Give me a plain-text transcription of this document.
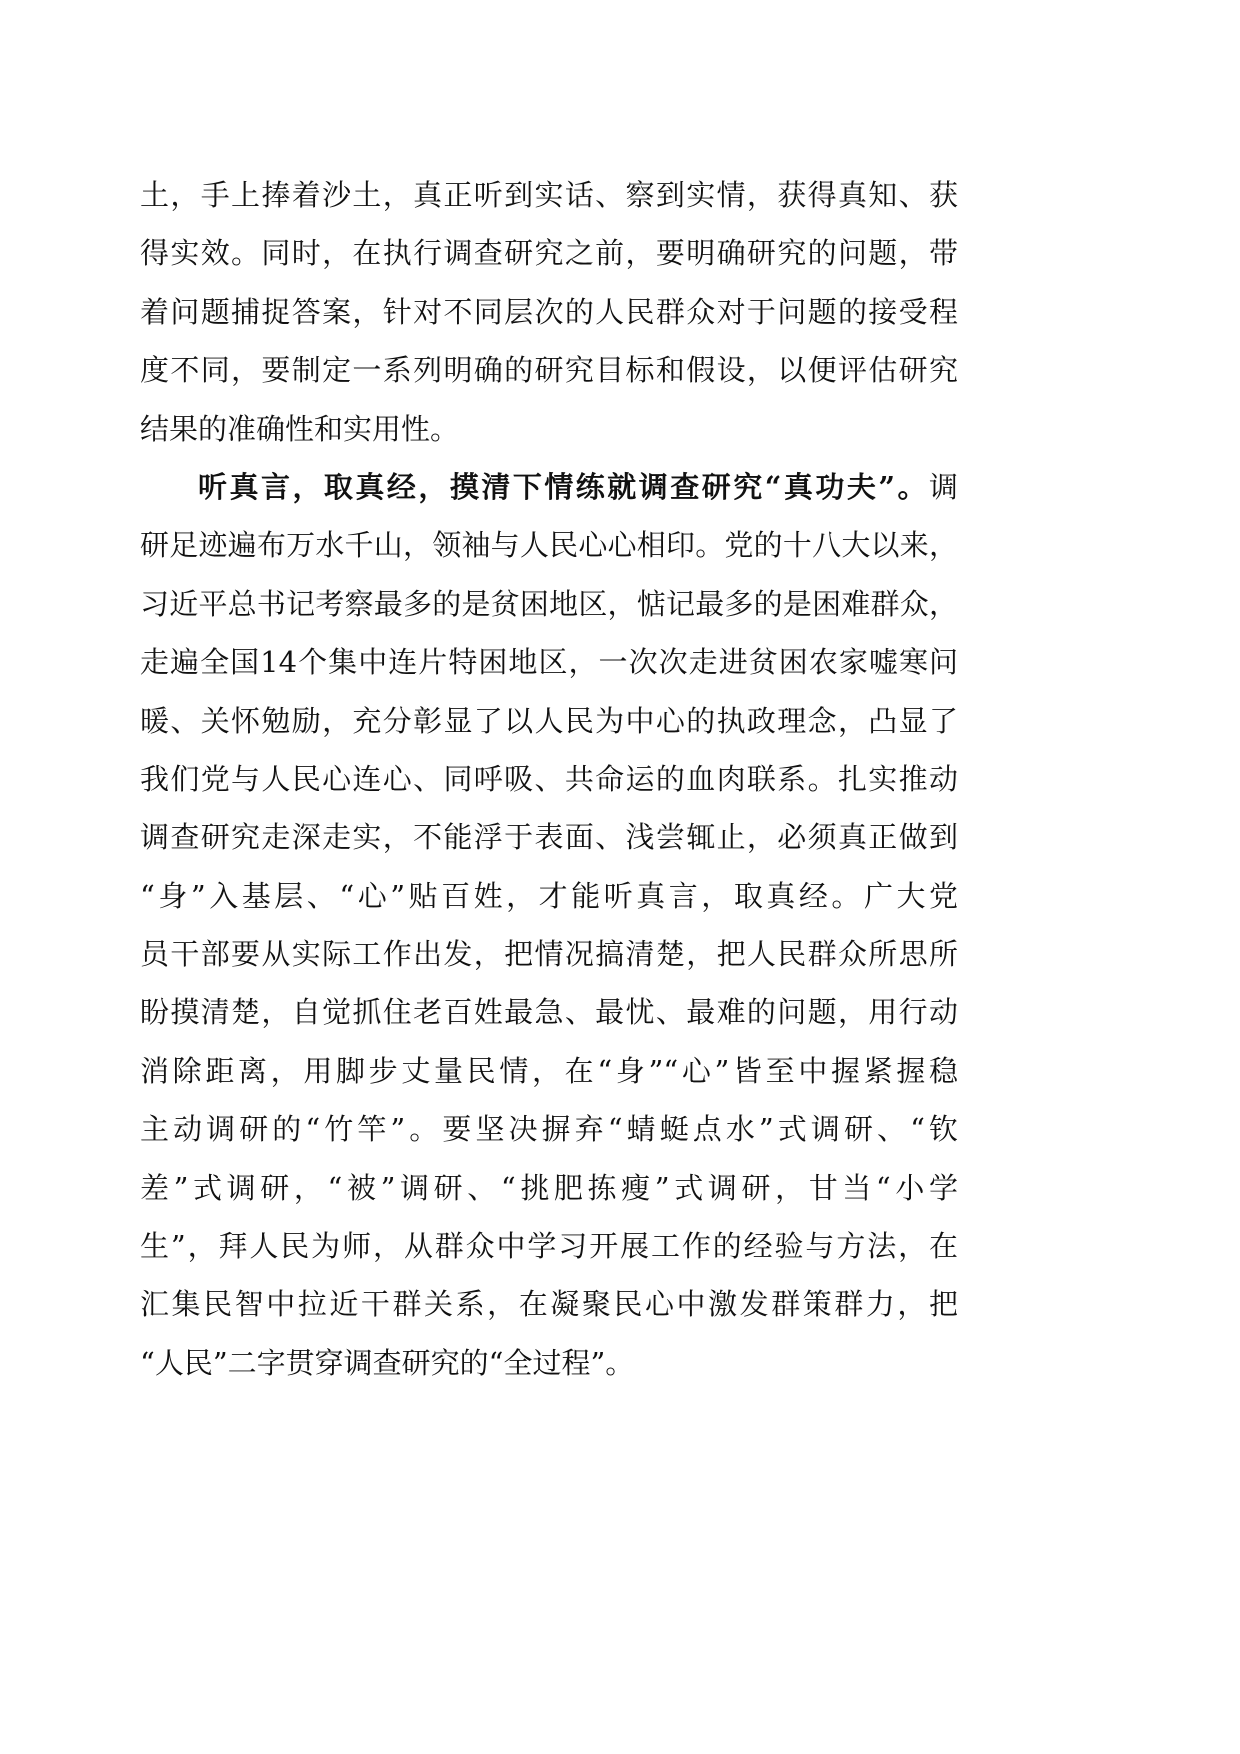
土，手上捧着沙土，真正听到实话、察到实情，获得真知、获
得实效。同时，在执行调查研究之前，要明确研究的问题，带
着问题捕捉答案，针对不同层次的人民群众对于问题的接受程
度不同，要制定一系列明确的研究目标和假设，以便评估研究
结果的准确性和实用性。
听真言，取真经，摸清下情练就调查研究“真功夫”。调
研足迹遍布万水千山，领袖与人民心心相印。党的十八大以来，
习近平总书记考察最多的是贫困地区，惦记最多的是困难群众，
走遍全国14个集中连片特困地区，一次次走进贫困农家嘘寒问
暖、关怀勉励，充分彰显了以人民为中心的执政理念，凸显了
我们党与人民心连心、同呼吸、共命运的血肉联系。扎实推动
调查研究走深走实，不能浮于表面、浅尝辄止，必须真正做到
“身”入基层、“心”贴百姓，才能听真言，取真经。广大党
员干部要从实际工作出发，把情况搞清楚，把人民群众所思所
盼摸清楚，自觉抓住老百姓最急、最忧、最难的问题，用行动
消除距离，用脚步丈量民情，在“身”“心”皆至中握紧握稳
主动调研的“竹竿”。要坚决摒弃“蜻蜓点水”式调研、“钦
差”式调研，“被”调研、“挑肥拣瘦”式调研，甘当“小学
生”，拜人民为师，从群众中学习开展工作的经验与方法，在
汇集民智中拉近干群关系，在凝聚民心中激发群策群力，把
“人民”二字贯穿调查研究的“全过程”。
